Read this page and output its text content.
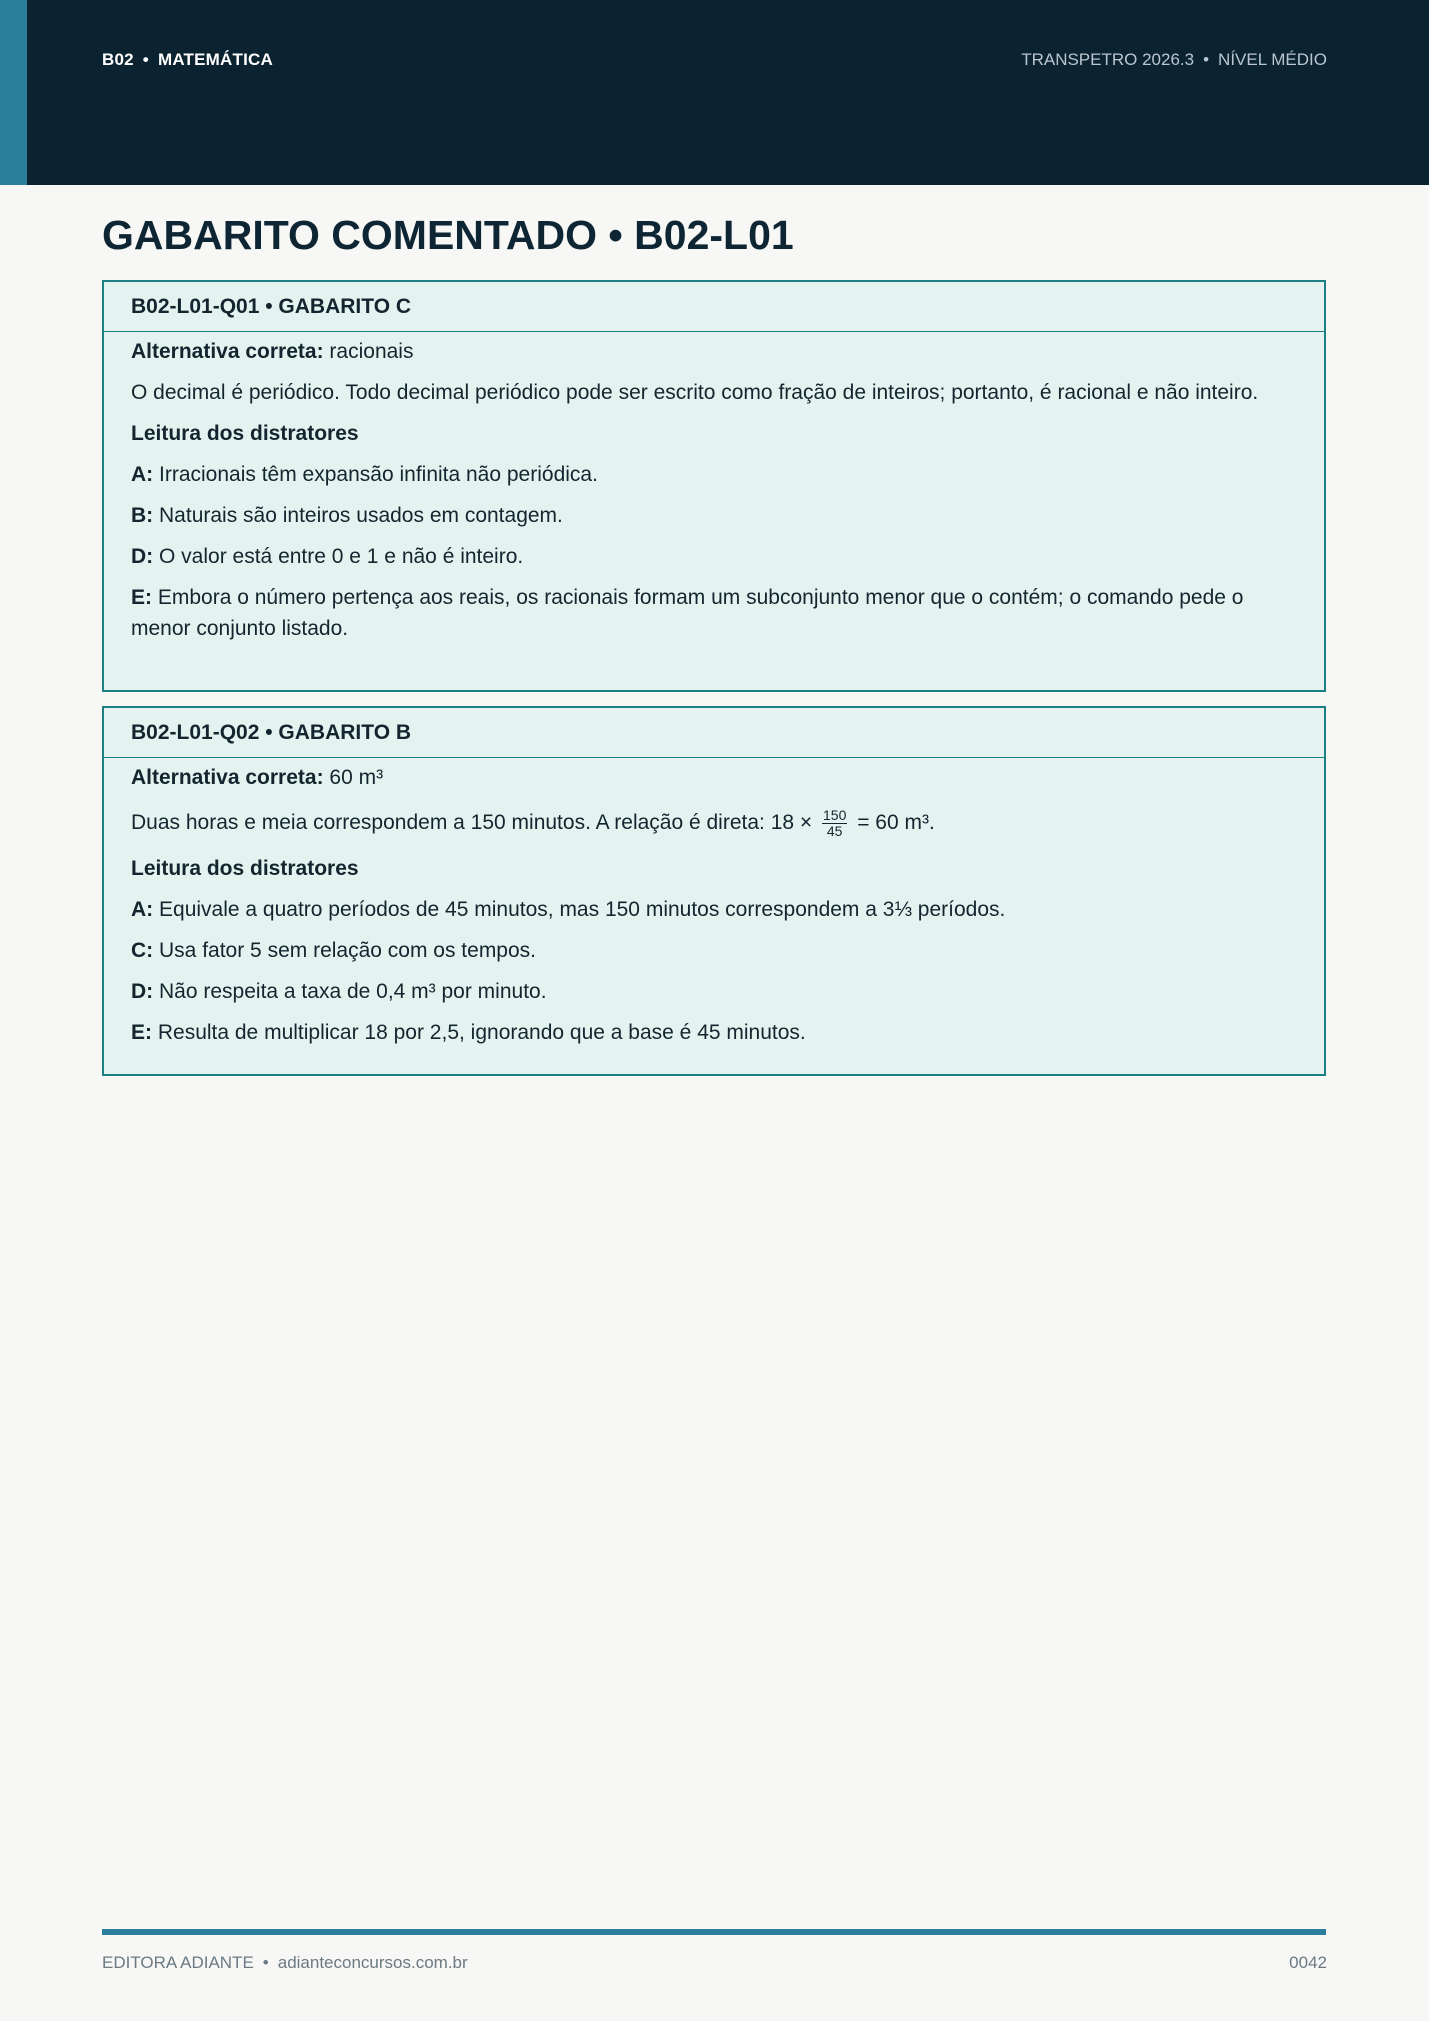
B02 • MATEMÁTICA	TRANSPETRO 2026.3 • NÍVEL MÉDIO
GABARITO COMENTADO • B02-L01
B02-L01-Q01 • GABARITO C

Alternativa correta: racionais

O decimal é periódico. Todo decimal periódico pode ser escrito como fração de inteiros; portanto, é racional e não inteiro.

Leitura dos distratores

A: Irracionais têm expansão infinita não periódica.

B: Naturais são inteiros usados em contagem.

D: O valor está entre 0 e 1 e não é inteiro.

E: Embora o número pertença aos reais, os racionais formam um subconjunto menor que o contém; o comando pede o menor conjunto listado.

B02-L01-Q02 • GABARITO B

Alternativa correta: 60 m³

Duas horas e meia correspondem a 150 minutos. A relação é direta: $18 \times \frac{150}{45} = 60$ m³.

Leitura dos distratores

A: Equivale a quatro períodos de 45 minutos, mas 150 minutos correspondem a 3⅓ períodos.

C: Usa fator 5 sem relação com os tempos.

D: Não respeita a taxa de 0,4 m³ por minuto.

E: Resulta de multiplicar 18 por 2,5, ignorando que a base é 45 minutos.

EDITORA ADIANTE • adianteconcursos.com.br	0042
